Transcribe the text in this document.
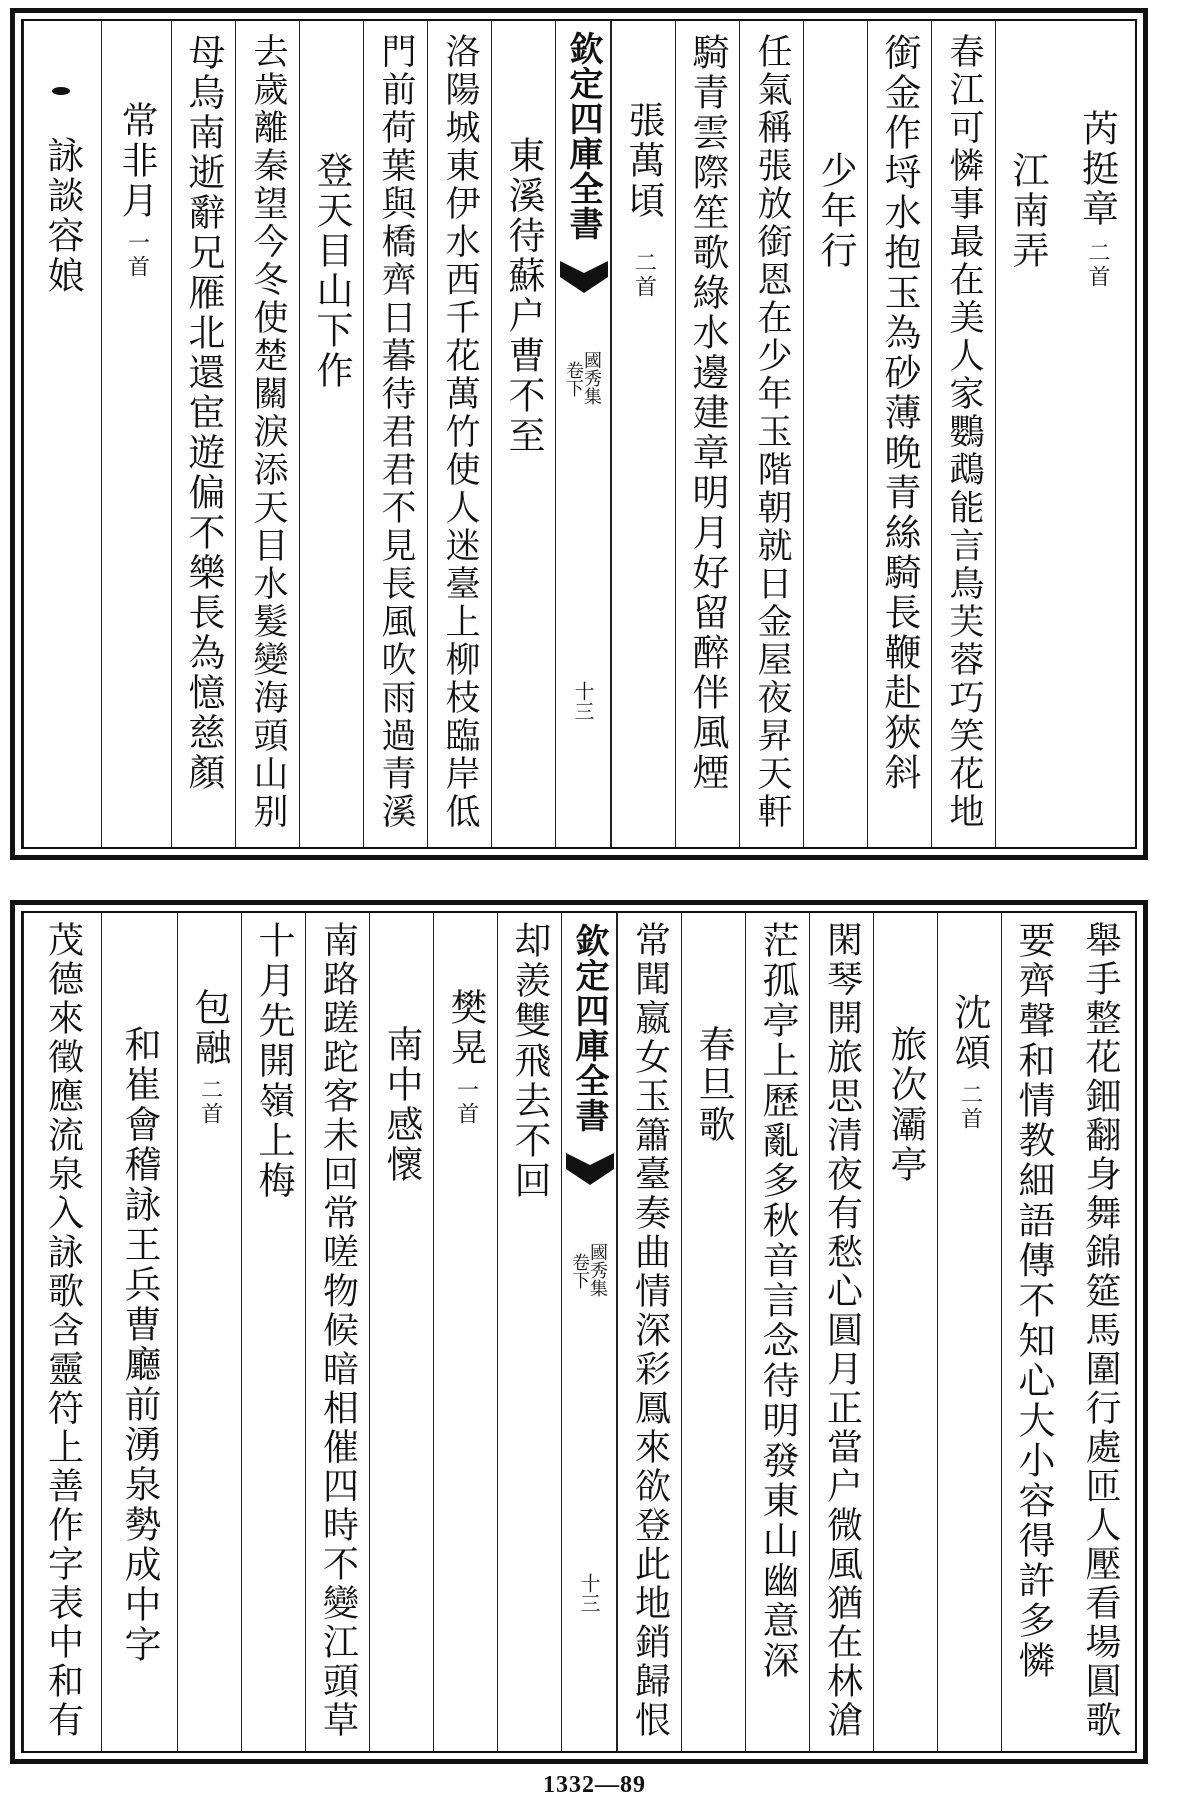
芮挺章
二首
江南弄
春江可憐事最在美人家鸚鵡能言鳥芙蓉巧笑花地
銜金作埒水抱玉為砂薄晚青絲騎長鞭赴狹斜
少年行
任氣稱張放銜恩在少年玉階朝就日金屋夜昇天軒
騎青雲際笙歌綠水邊建章明月好留醉伴風煙
張萬頃
二首
欽定四庫全書
國秀集
卷下
十三
東溪待蘇户曹不至
洛陽城東伊水西千花萬竹使人迷臺上柳枝臨岸低
門前荷葉與橋齊日暮待君君不見長風吹雨過青溪
登天目山下作
去歲離秦望今冬使楚關淚添天目水髮變海頭山别
母烏南逝辭兄雁北還宦遊偏不樂長為憶慈顏
常非月
一首
詠談容娘
舉手整花鈿翻身舞錦筵馬圍行處匝人壓看場圓歌
要齊聲和情教細語傳不知心大小容得許多憐
沈頌
二首
旅次灞亭
閑琴開旅思清夜有愁心圓月正當户微風猶在林滄
茫孤亭上歷亂多秋音言念待明發東山幽意深
春旦歌
常聞嬴女玉簫臺奏曲情深彩鳳來欲登此地銷歸恨
欽定四庫全書
國秀集
卷下
十三
却羨雙飛去不回
樊晃
一首
南中感懷
南路蹉跎客未回常嗟物候暗相催四時不變江頭草
十月先開嶺上梅
包融
二首
和崔會稽詠王兵曹廳前湧泉勢成中字
茂德來徵應流泉入詠歌含靈符上善作字表中和有
1332—89
